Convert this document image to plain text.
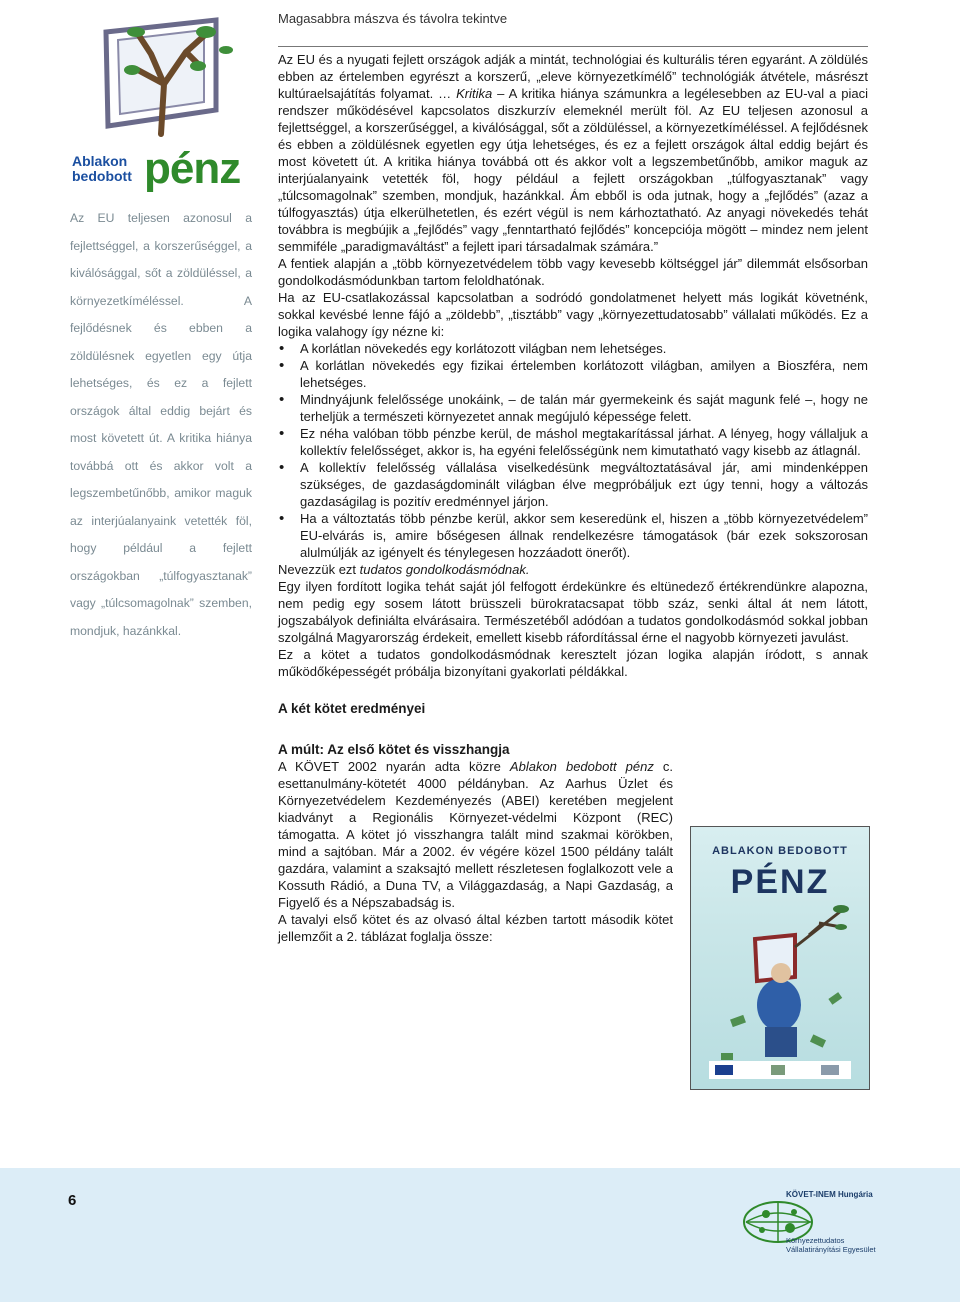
Magasabbra mászva és távolra tekintve
Ablakon
bedobott pénz
Az EU teljesen azonosul a fejlettséggel, a korszerűséggel, a kiválósággal, sőt a zöldüléssel, a környezetkíméléssel. A fejlődésnek és ebben a zöldülésnek egyetlen egy útja lehetséges, és ez a fejlett országok által eddig bejárt és most követett út. A kritika hiánya továbbá ott és akkor volt a legszembetűnőbb, amikor maguk az interjúalanyaink vetették föl, hogy például a fejlett országokban „túlfogyasztanak” vagy „túlcsomagolnak” szemben, mondjuk, hazánkkal.

Az EU és a nyugati fejlett országok adják a mintát, technológiai és kulturális téren egyaránt. A zöldülés ebben az értelemben egyrészt a korszerű, „eleve környezetkímélő” technológiák átvétele, másrészt kultúraelsajátítás folyamat. … Kritika – A kritika hiánya számunkra a legélesebben az EU-val a piaci rendszer működésével kapcsolatos diszkurzív elemeknél merült föl. Az EU teljesen azonosul a fejlettséggel, a korszerűséggel, a kiválósággal, sőt a zöldüléssel, a környezetkíméléssel. A fejlődésnek és ebben a zöldülésnek egyetlen egy útja lehetséges, és ez a fejlett országok által eddig bejárt és most követett út. A kritika hiánya továbbá ott és akkor volt a legszembetűnőbb, amikor maguk az interjúalanyaink vetették föl, hogy például a fejlett országokban „túlfogyasztanak” vagy „túlcsomagolnak” szemben, mondjuk, hazánkkal. Ám ebből is oda jutnak, hogy a „fejlődés” (azaz a túlfogyasztás) útja elkerülhetetlen, és ezért végül is nem kárhoztatható. Az anyagi növekedés tehát továbbra is megbújik a „fejlődés” vagy „fenntartható fejlődés” koncepciója mögött – mindez nem jelent semmiféle „paradigmaváltást” a fejlett ipari társadalmak számára.”

A fentiek alapján a „több környezetvédelem több vagy kevesebb költséggel jár” dilemmát elsősorban gondolkodásmódunkban tartom feloldhatónak.

Ha az EU-csatlakozással kapcsolatban a sodródó gondolatmenet helyett más logikát követnénk, sokkal kevésbé lenne fájó a „zöldebb”, „tisztább” vagy „környezettudatosabb” vállalati működés. Ez a logika valahogy így nézne ki:

• A korlátlan növekedés egy korlátozott világban nem lehetséges.
• A korlátlan növekedés egy fizikai értelemben korlátozott világban, amilyen a Bioszféra, nem lehetséges.
• Mindnyájunk felelőssége unokáink, – de talán már gyermekeink és saját magunk felé –, hogy ne terheljük a természeti környezetet annak megújuló képessége felett.
• Ez néha valóban több pénzbe kerül, de máshol megtakarítással járhat. A lényeg, hogy vállaljuk a kollektív felelősséget, akkor is, ha egyéni felelősségünk nem kimutatható vagy kisebb az átlagnál.
• A kollektív felelősség vállalása viselkedésünk megváltoztatásával jár, ami mindenképpen szükséges, de gazdaságdominált világban élve megpróbáljuk ezt úgy tenni, hogy a változás gazdaságilag is pozitív eredménnyel járjon.
• Ha a változtatás több pénzbe kerül, akkor sem keseredünk el, hiszen a „több környezetvédelem” EU-elvárás is, amire bőségesen állnak rendelkezésre támogatások (bár ezek sokszorosan alulmúlják az igényelt és ténylegesen hozzáadott önerőt).

Nevezzük ezt tudatos gondolkodásmódnak.

Egy ilyen fordított logika tehát saját jól felfogott érdekünkre és eltünedező értékrendünkre alapozna, nem pedig egy sosem látott brüsszeli bürokratacsapat több száz, senki által át nem látott, jogszabályok definiálta elvárásaira. Természetéből adódóan a tudatos gondolkodásmód sokkal jobban szolgálná Magyarország érdekeit, emellett kisebb ráfordítással érne el nagyobb környezeti javulást.

Ez a kötet a tudatos gondolkodásmódnak keresztelt józan logika alapján íródott, s annak működőképességét próbálja bizonyítani gyakorlati példákkal.

A két kötet eredményei

A múlt: Az első kötet és visszhangja

A KÖVET 2002 nyarán adta közre Ablakon bedobott pénz c. esettanulmány-kötetét 4000 példányban. Az Aarhus Üzlet és Környezetvédelem Kezdeményezés (ABEI) keretében megjelent kiadványt a Regionális Környezet-védelmi Központ (REC) támogatta. A kötet jó visszhangra talált mind szakmai körökben, mind a sajtóban. Már a 2002. év végére közel 1500 példány talált gazdára, valamint a szaksajtó mellett részletesen foglalkozott vele a Kossuth Rádió, a Duna TV, a Világgazdaság, a Napi Gazdaság, a Figyelő és a Népszabadság is.

A tavalyi első kötet és az olvasó által kézben tartott második kötet jellemzőit a 2. táblázat foglalja össze:

ABLAKON BEDOBOTT
PÉNZ
6	KÖVET-INEM Hungária
Környezettudatos
Vállalatirányítási Egyesület
